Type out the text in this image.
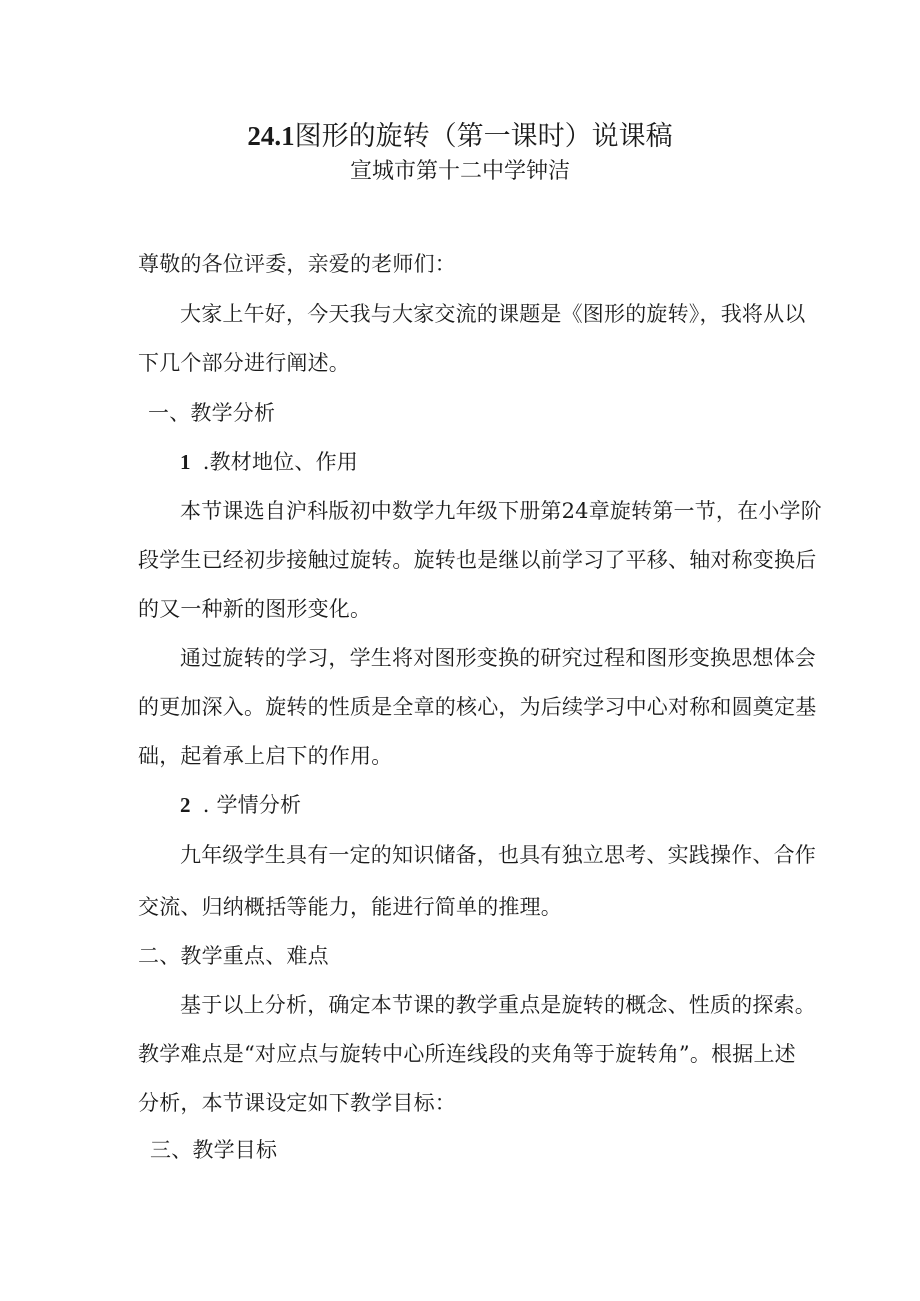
24.1图形的旋转（第一课时）说课稿
宣城市第十二中学钟洁
尊敬的各位评委，亲爱的老师们：
大家上午好，今天我与大家交流的课题是《图形的旋转》，我将从以
下几个部分进行阐述。
一、教学分析
1 .教材地位、作用
本节课选自沪科版初中数学九年级下册第24章旋转第一节，在小学阶
段学生已经初步接触过旋转。旋转也是继以前学习了平移、轴对称变换后
的又一种新的图形变化。
通过旋转的学习，学生将对图形变换的研究过程和图形变换思想体会
的更加深入。旋转的性质是全章的核心，为后续学习中心对称和圆奠定基
础，起着承上启下的作用。
2 . 学情分析
九年级学生具有一定的知识储备，也具有独立思考、实践操作、合作
交流、归纳概括等能力，能进行简单的推理。
二、教学重点、难点
基于以上分析，确定本节课的教学重点是旋转的概念、性质的探索。
教学难点是“对应点与旋转中心所连线段的夹角等于旋转角”。根据上述
分析，本节课设定如下教学目标：
三、教学目标
